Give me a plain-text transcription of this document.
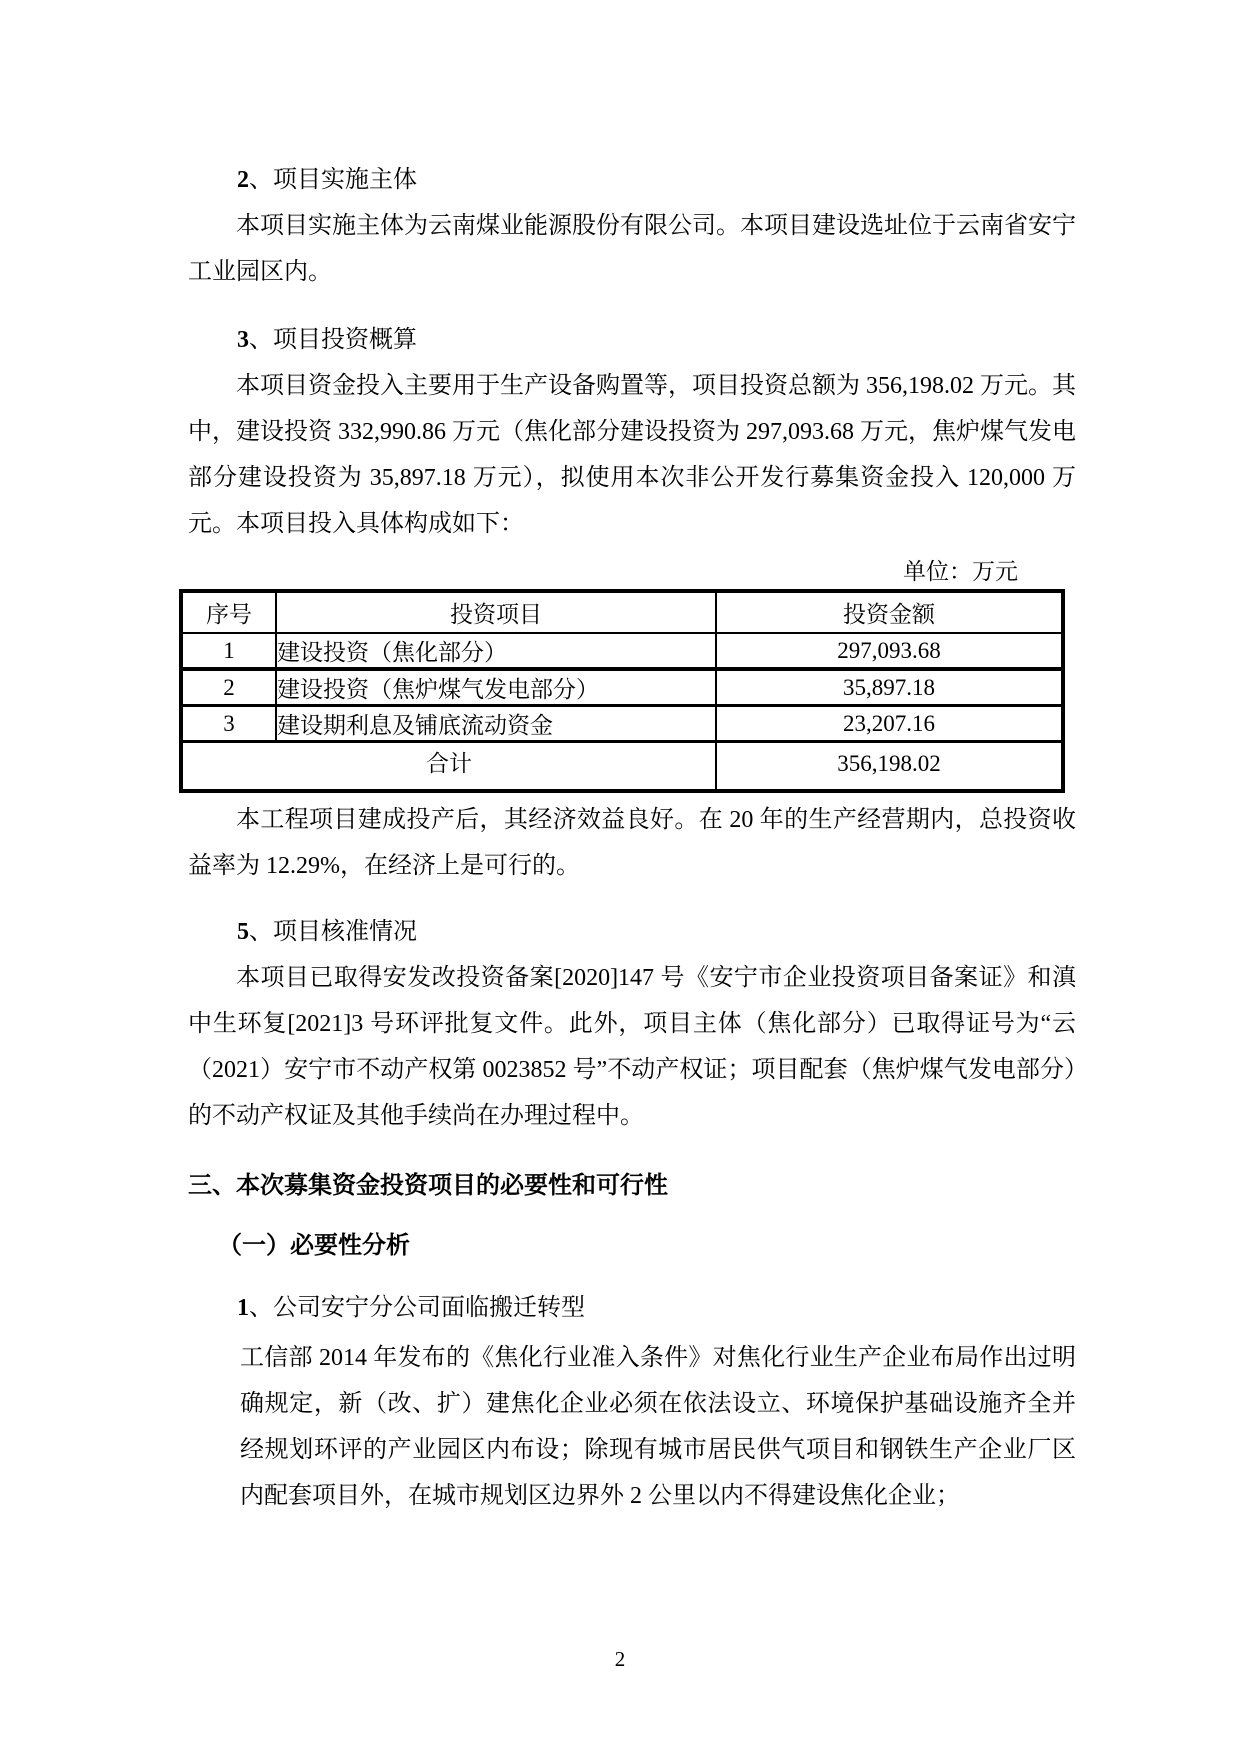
2、项目实施主体

本项目实施主体为云南煤业能源股份有限公司。本项目建设选址位于云南省安宁工业园区内。

3、项目投资概算

本项目资金投入主要用于生产设备购置等，项目投资总额为 356,198.02 万元。其中，建设投资 332,990.86 万元（焦化部分建设投资为 297,093.68 万元，焦炉煤气发电部分建设投资为 35,897.18 万元），拟使用本次非公开发行募集资金投入 120,000 万元。本项目投入具体构成如下：

单位：万元
序号	投资项目	投资金额
1	建设投资（焦化部分）	297,093.68
2	建设投资（焦炉煤气发电部分）	35,897.18
3	建设期利息及铺底流动资金	23,207.16
合计		356,198.02

本工程项目建成投产后，其经济效益良好。在 20 年的生产经营期内，总投资收益率为 12.29%，在经济上是可行的。

5、项目核准情况

本项目已取得安发改投资备案[2020]147 号《安宁市企业投资项目备案证》和滇中生环复[2021]3 号环评批复文件。此外，项目主体（焦化部分）已取得证号为“云（2021）安宁市不动产权第 0023852 号”不动产权证；项目配套（焦炉煤气发电部分）的不动产权证及其他手续尚在办理过程中。

三、本次募集资金投资项目的必要性和可行性
（一）必要性分析
1、公司安宁分公司面临搬迁转型

工信部 2014 年发布的《焦化行业准入条件》对焦化行业生产企业布局作出过明确规定，新（改、扩）建焦化企业必须在依法设立、环境保护基础设施齐全并经规划环评的产业园区内布设；除现有城市居民供气项目和钢铁生产企业厂区内配套项目外，在城市规划区边界外 2 公里以内不得建设焦化企业；

2
